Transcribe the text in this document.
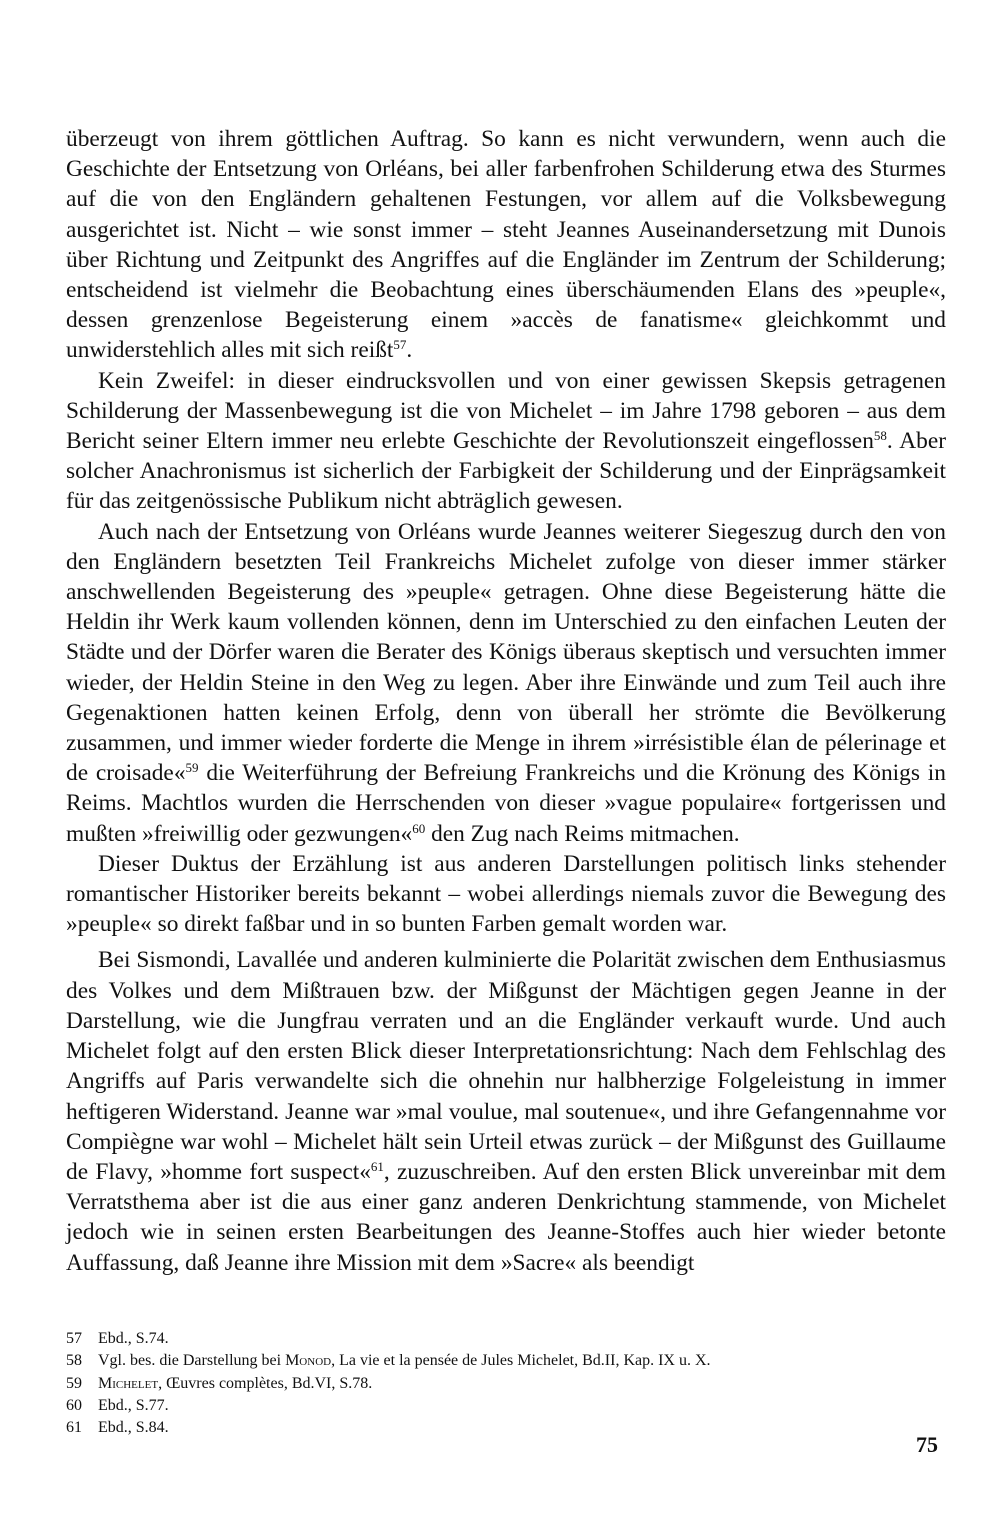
überzeugt von ihrem göttlichen Auftrag. So kann es nicht verwundern, wenn auch die Geschichte der Entsetzung von Orléans, bei aller farbenfrohen Schilderung etwa des Sturmes auf die von den Engländern gehaltenen Festungen, vor allem auf die Volksbewegung ausgerichtet ist. Nicht – wie sonst immer – steht Jeannes Auseinandersetzung mit Dunois über Richtung und Zeitpunkt des Angriffes auf die Engländer im Zentrum der Schilderung; entscheidend ist vielmehr die Beobachtung eines überschäumenden Elans des »peuple«, dessen grenzenlose Begeisterung einem »accès de fanatisme« gleichkommt und unwiderstehlich alles mit sich reißt$^{57}$.

Kein Zweifel: in dieser eindrucksvollen und von einer gewissen Skepsis getragenen Schilderung der Massenbewegung ist die von Michelet – im Jahre 1798 geboren – aus dem Bericht seiner Eltern immer neu erlebte Geschichte der Revolutionszeit eingeflossen$^{58}$. Aber solcher Anachronismus ist sicherlich der Farbigkeit der Schilderung und der Einprägsamkeit für das zeitgenössische Publikum nicht abträglich gewesen.

Auch nach der Entsetzung von Orléans wurde Jeannes weiterer Siegeszug durch den von den Engländern besetzten Teil Frankreichs Michelet zufolge von dieser immer stärker anschwellenden Begeisterung des »peuple« getragen. Ohne diese Begeisterung hätte die Heldin ihr Werk kaum vollenden können, denn im Unterschied zu den einfachen Leuten der Städte und der Dörfer waren die Berater des Königs überaus skeptisch und versuchten immer wieder, der Heldin Steine in den Weg zu legen. Aber ihre Einwände und zum Teil auch ihre Gegenaktionen hatten keinen Erfolg, denn von überall her strömte die Bevölkerung zusammen, und immer wieder forderte die Menge in ihrem »irrésistible élan de pélerinage et de croisade«$^{59}$ die Weiterführung der Befreiung Frankreichs und die Krönung des Königs in Reims. Machtlos wurden die Herrschenden von dieser »vague populaire« fortgerissen und mußten »freiwillig oder gezwungen«$^{60}$ den Zug nach Reims mitmachen.

Dieser Duktus der Erzählung ist aus anderen Darstellungen politisch links stehender romantischer Historiker bereits bekannt – wobei allerdings niemals zuvor die Bewegung des »peuple« so direkt faßbar und in so bunten Farben gemalt worden war.

Bei Sismondi, Lavallée und anderen kulminierte die Polarität zwischen dem Enthusiasmus des Volkes und dem Mißtrauen bzw. der Mißgunst der Mächtigen gegen Jeanne in der Darstellung, wie die Jungfrau verraten und an die Engländer verkauft wurde. Und auch Michelet folgt auf den ersten Blick dieser Interpretationsrichtung: Nach dem Fehlschlag des Angriffs auf Paris verwandelte sich die ohnehin nur halbherzige Folgeleistung in immer heftigeren Widerstand. Jeanne war »mal voulue, mal soutenue«, und ihre Gefangennahme vor Compiègne war wohl – Michelet hält sein Urteil etwas zurück – der Mißgunst des Guillaume de Flavy, »homme fort suspect«$^{61}$, zuzuschreiben. Auf den ersten Blick unvereinbar mit dem Verratsthema aber ist die aus einer ganz anderen Denkrichtung stammende, von Michelet jedoch wie in seinen ersten Bearbeitungen des Jeanne-Stoffes auch hier wieder betonte Auffassung, daß Jeanne ihre Mission mit dem »Sacre« als beendigt

57 Ebd., S.74.
58 Vgl. bes. die Darstellung bei Monod, La vie et la pensée de Jules Michelet, Bd.II, Kap. IX u. X.
59 Michelet, Œuvres complètes, Bd.VI, S.78.
60 Ebd., S.77.
61 Ebd., S.84.
75
